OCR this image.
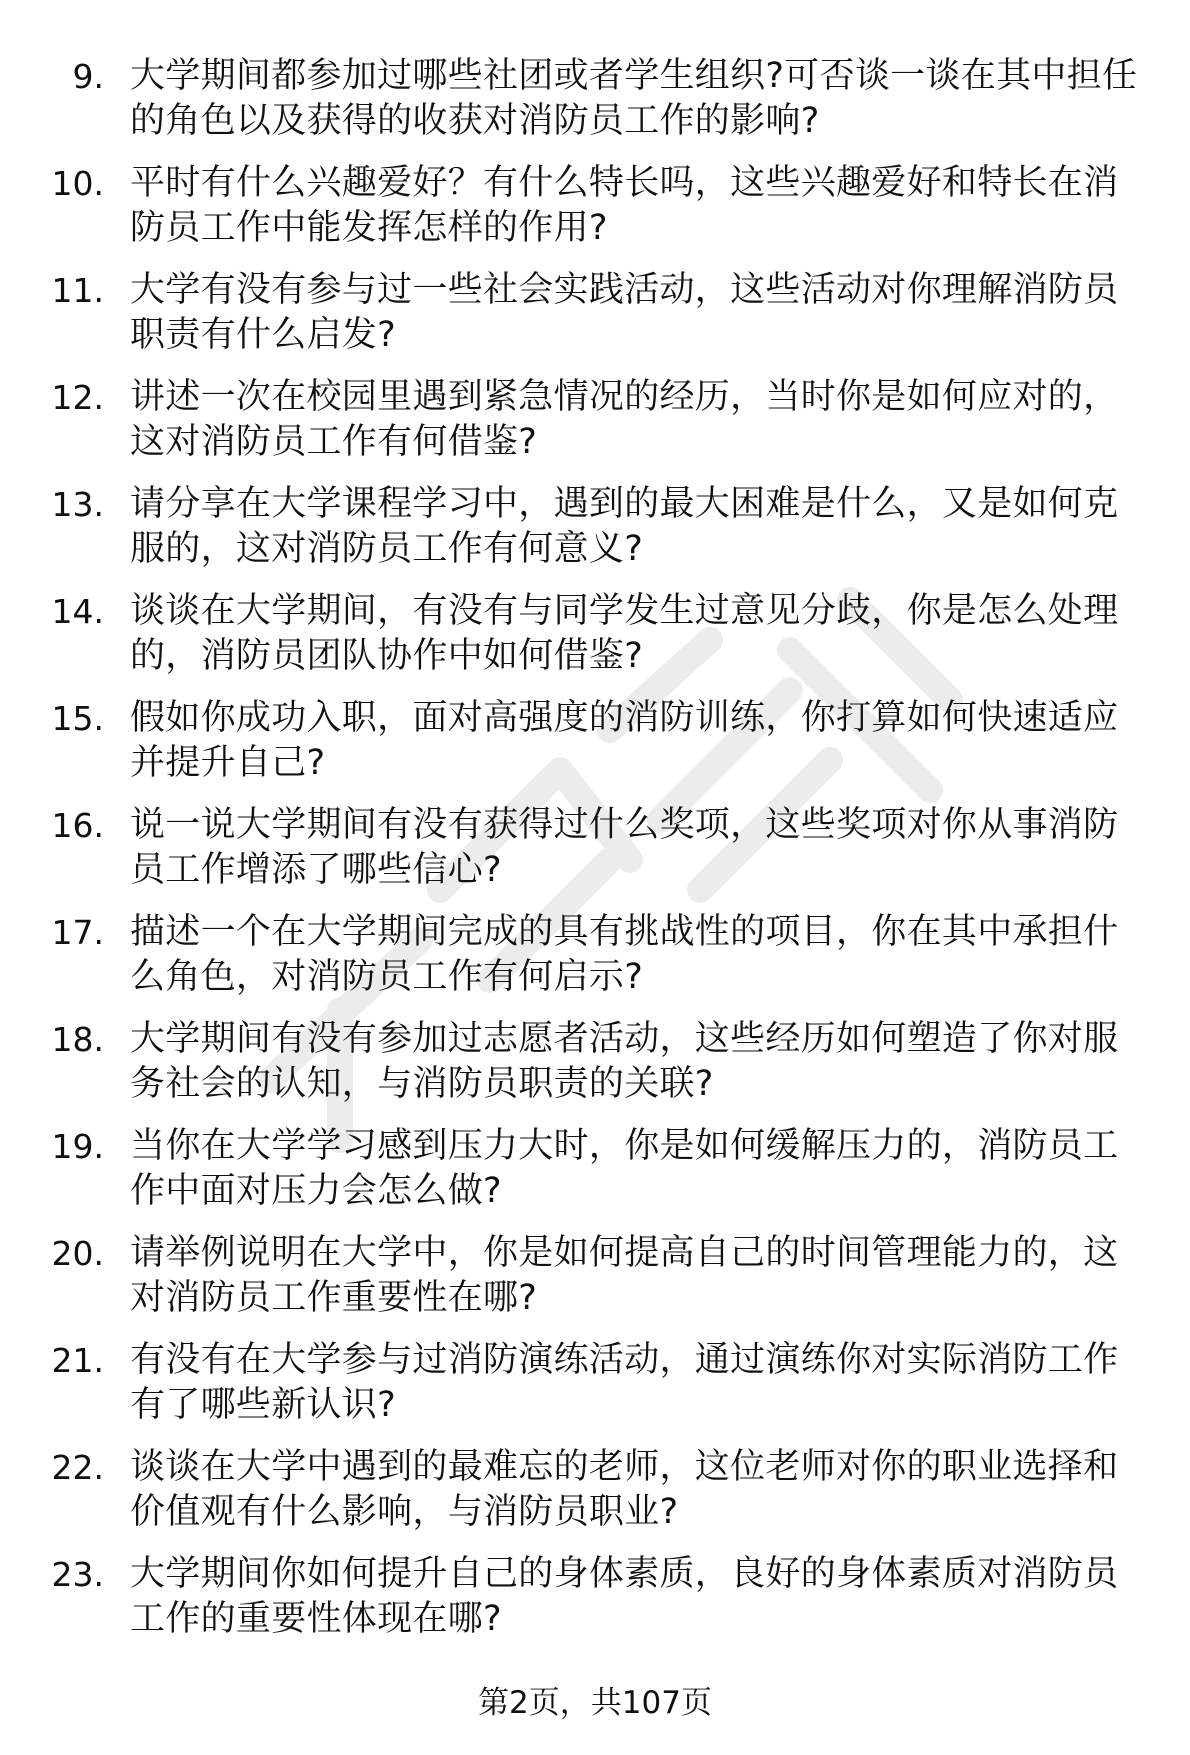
9. 大学期间都参加过哪些社团或者学生组织?可否谈一谈在其中担任的角色以及获得的收获对消防员工作的影响?
10. 平时有什么兴趣爱好？有什么特长吗，这些兴趣爱好和特长在消防员工作中能发挥怎样的作用?
11. 大学有没有参与过一些社会实践活动，这些活动对你理解消防员职责有什么启发?
12. 讲述一次在校园里遇到紧急情况的经历，当时你是如何应对的，这对消防员工作有何借鉴?
13. 请分享在大学课程学习中，遇到的最大困难是什么，又是如何克服的，这对消防员工作有何意义?
14. 谈谈在大学期间，有没有与同学发生过意见分歧，你是怎么处理的，消防员团队协作中如何借鉴?
15. 假如你成功入职，面对高强度的消防训练，你打算如何快速适应并提升自己?
16. 说一说大学期间有没有获得过什么奖项，这些奖项对你从事消防员工作增添了哪些信心?
17. 描述一个在大学期间完成的具有挑战性的项目，你在其中承担什么角色，对消防员工作有何启示?
18. 大学期间有没有参加过志愿者活动，这些经历如何塑造了你对服务社会的认知，与消防员职责的关联?
19. 当你在大学学习感到压力大时，你是如何缓解压力的，消防员工作中面对压力会怎么做?
20. 请举例说明在大学中，你是如何提高自己的时间管理能力的，这对消防员工作重要性在哪?
21. 有没有在大学参与过消防演练活动，通过演练你对实际消防工作有了哪些新认识?
22. 谈谈在大学中遇到的最难忘的老师，这位老师对你的职业选择和价值观有什么影响，与消防员职业?
23. 大学期间你如何提升自己的身体素质，良好的身体素质对消防员工作的重要性体现在哪?
第2页，共107页
